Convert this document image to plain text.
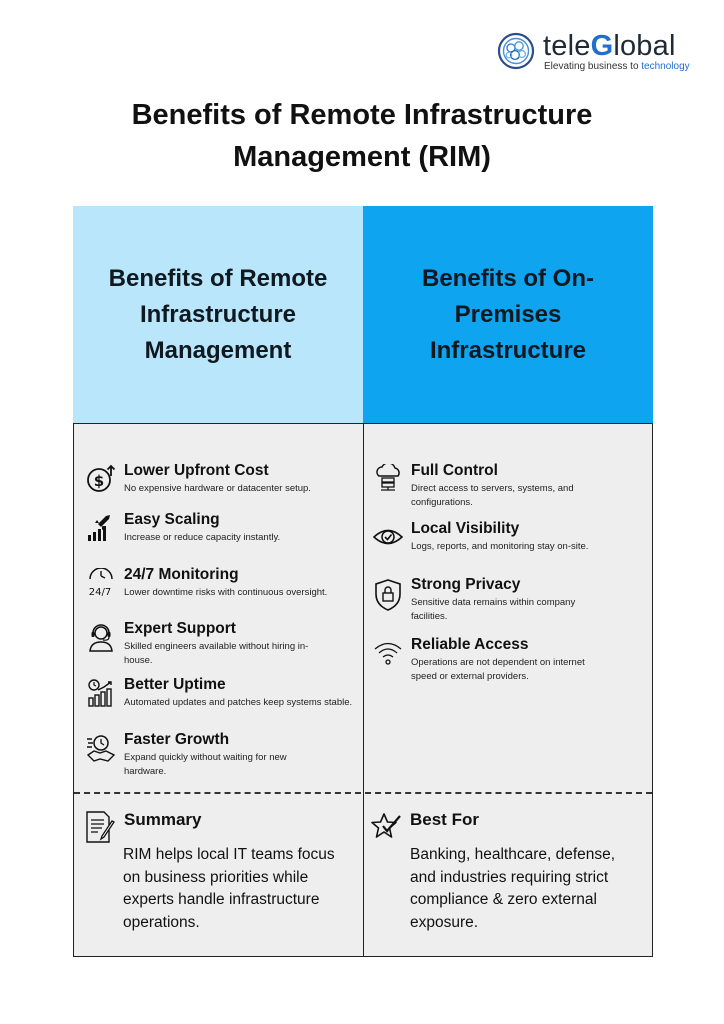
teleGlobal
Elevating business to technology
Benefits of Remote Infrastructure Management (RIM)
Benefits of Remote Infrastructure Management
Benefits of On-Premises Infrastructure
$
Lower Upfront Cost
No expensive hardware or datacenter setup.
Easy Scaling
Increase or reduce capacity instantly.
24/7
24/7 Monitoring
Lower downtime risks with continuous oversight.
Expert Support
Skilled engineers available without hiring in-house.
Better Uptime
Automated updates and patches keep systems stable.
Faster Growth
Expand quickly without waiting for new hardware.
Full Control
Direct access to servers, systems, and configurations.
Local Visibility
Logs, reports, and monitoring stay on-site.
Strong Privacy
Sensitive data remains within company facilities.
Reliable Access
Operations are not dependent on internet speed or external providers.
Summary
RIM helps local IT teams focus on business priorities while experts handle infrastructure operations.
Best For
Banking, healthcare, defense, and industries requiring strict compliance & zero external exposure.
